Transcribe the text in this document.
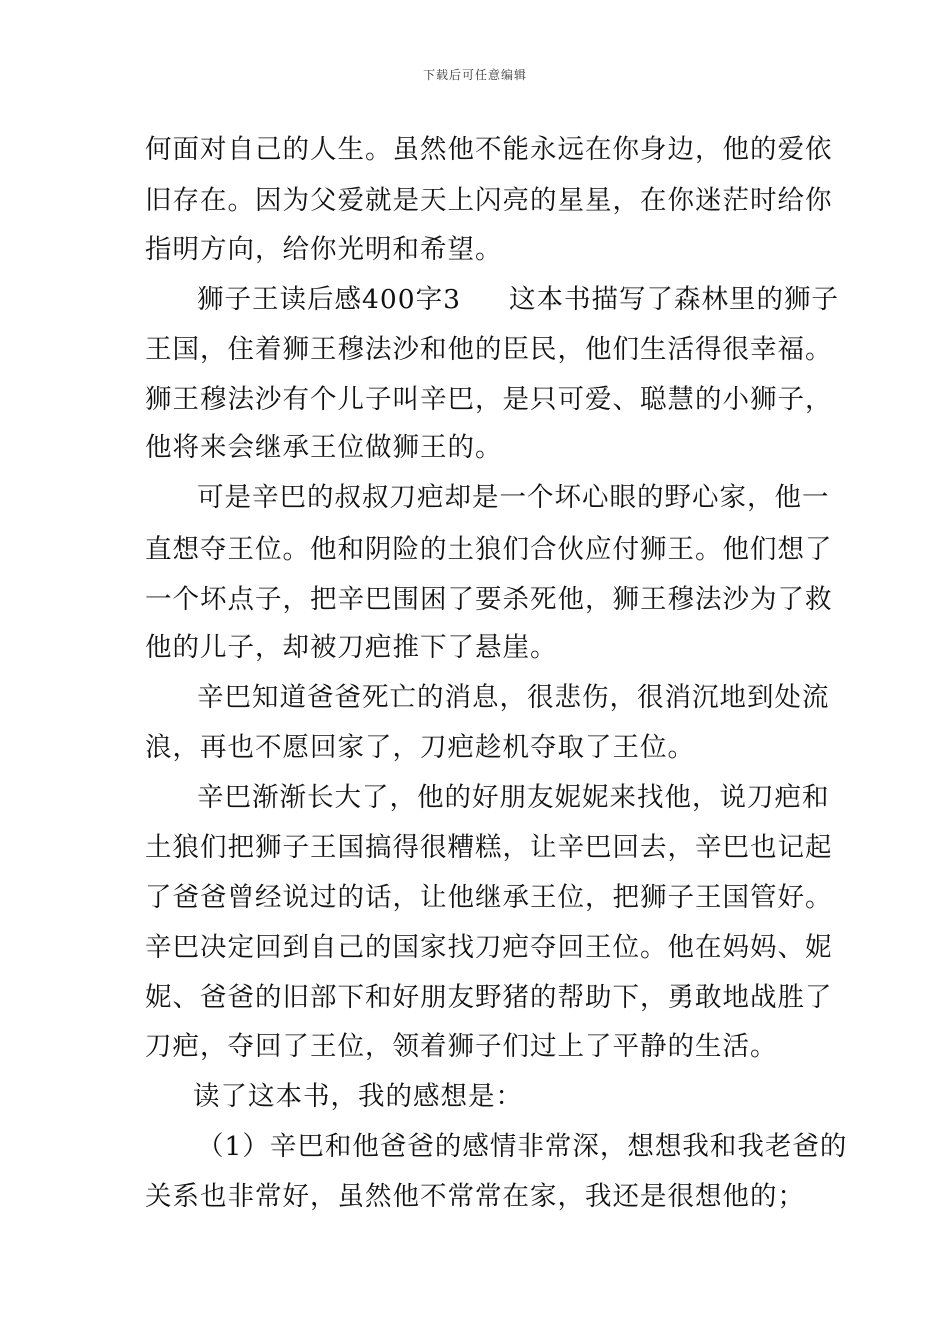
下载后可任意编辑
何面对自己的人生。虽然他不能永远在你身边，他的爱依
旧存在。因为父爱就是天上闪亮的星星，在你迷茫时给你
指明方向，给你光明和希望。
狮子王读后感400字3 这本书描写了森林里的狮子
王国，住着狮王穆法沙和他的臣民，他们生活得很幸福。
狮王穆法沙有个儿子叫辛巴，是只可爱、聪慧的小狮子，
他将来会继承王位做狮王的。
可是辛巴的叔叔刀疤却是一个坏心眼的野心家，他一
直想夺王位。他和阴险的土狼们合伙应付狮王。他们想了
一个坏点子，把辛巴围困了要杀死他，狮王穆法沙为了救
他的儿子，却被刀疤推下了悬崖。
辛巴知道爸爸死亡的消息，很悲伤，很消沉地到处流
浪，再也不愿回家了，刀疤趁机夺取了王位。
辛巴渐渐长大了，他的好朋友妮妮来找他，说刀疤和
土狼们把狮子王国搞得很糟糕，让辛巴回去，辛巴也记起
了爸爸曾经说过的话，让他继承王位，把狮子王国管好。
辛巴决定回到自己的国家找刀疤夺回王位。他在妈妈、妮
妮、爸爸的旧部下和好朋友野猪的帮助下，勇敢地战胜了
刀疤，夺回了王位，领着狮子们过上了平静的生活。
读了这本书，我的感想是：
（1）辛巴和他爸爸的感情非常深，想想我和我老爸的
关系也非常好，虽然他不常常在家，我还是很想他的；
